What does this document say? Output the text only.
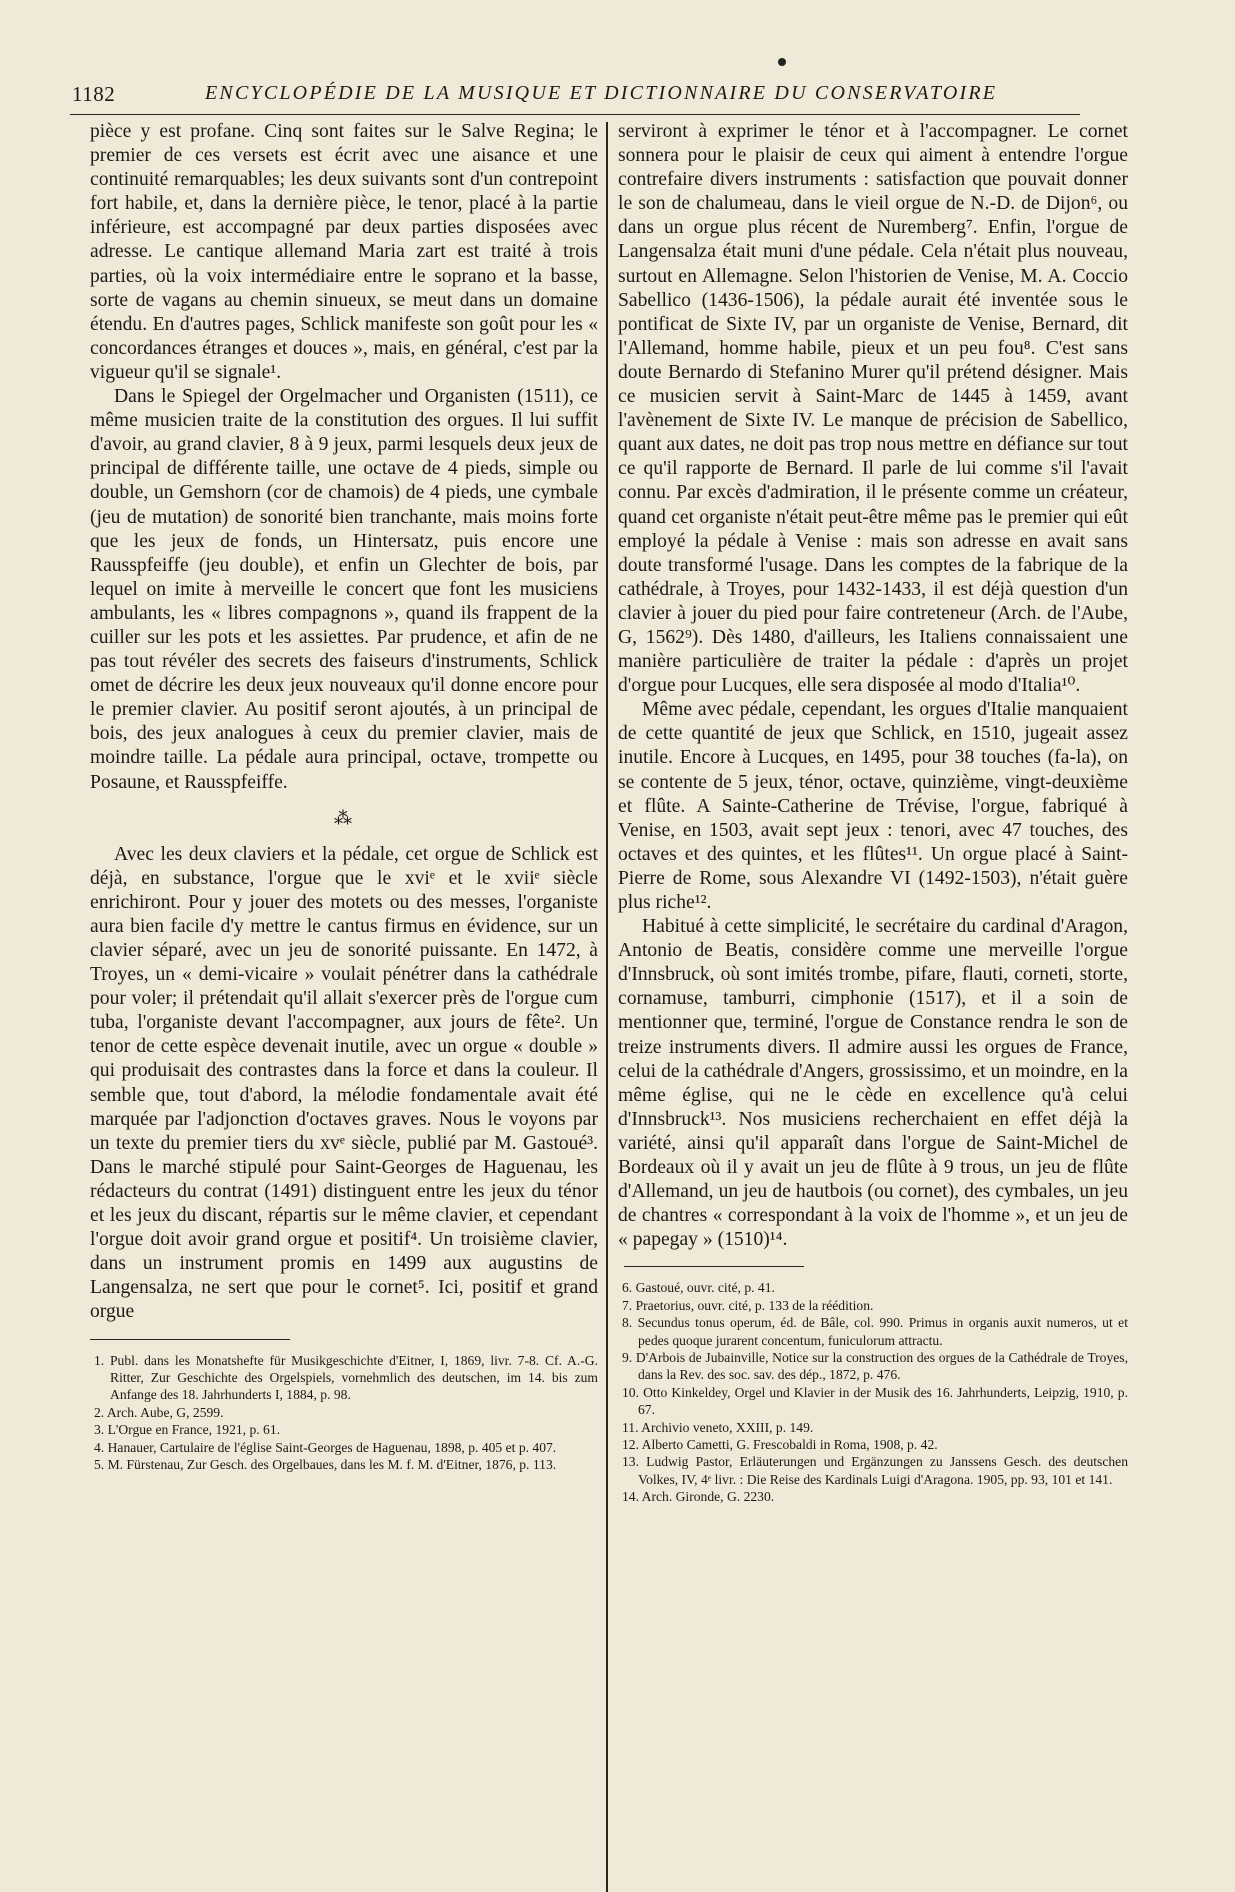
1182	ENCYCLOPÉDIE DE LA MUSIQUE ET DICTIONNAIRE DU CONSERVATOIRE

pièce y est profane. Cinq sont faites sur le Salve Regina; le premier de ces versets est écrit avec une aisance et une continuité remarquables; les deux suivants sont d'un contrepoint fort habile, et, dans la dernière pièce, le tenor, placé à la partie inférieure, est accompagné par deux parties disposées avec adresse. Le cantique allemand Maria zart est traité à trois parties, où la voix intermédiaire entre le soprano et la basse, sorte de vagans au chemin sinueux, se meut dans un domaine étendu. En d'autres pages, Schlick manifeste son goût pour les « concordances étranges et douces », mais, en général, c'est par la vigueur qu'il se signale¹.

Dans le Spiegel der Orgelmacher und Organisten (1511), ce même musicien traite de la constitution des orgues. Il lui suffit d'avoir, au grand clavier, 8 à 9 jeux, parmi lesquels deux jeux de principal de différente taille, une octave de 4 pieds, simple ou double, un Gemshorn (cor de chamois) de 4 pieds, une cymbale (jeu de mutation) de sonorité bien tranchante, mais moins forte que les jeux de fonds, un Hintersatz, puis encore une Rausspfeiffe (jeu double), et enfin un Glechter de bois, par lequel on imite à merveille le concert que font les musiciens ambulants, les « libres compagnons », quand ils frappent de la cuiller sur les pots et les assiettes. Par prudence, et afin de ne pas tout révéler des secrets des faiseurs d'instruments, Schlick omet de décrire les deux jeux nouveaux qu'il donne encore pour le premier clavier. Au positif seront ajoutés, à un principal de bois, des jeux analogues à ceux du premier clavier, mais de moindre taille. La pédale aura principal, octave, trompette ou Posaune, et Rausspfeiffe.

⁂

Avec les deux claviers et la pédale, cet orgue de Schlick est déjà, en substance, l'orgue que le xviᵉ et le xviiᵉ siècle enrichiront. Pour y jouer des motets ou des messes, l'organiste aura bien facile d'y mettre le cantus firmus en évidence, sur un clavier séparé, avec un jeu de sonorité puissante. En 1472, à Troyes, un « demi-vicaire » voulait pénétrer dans la cathédrale pour voler; il prétendait qu'il allait s'exercer près de l'orgue cum tuba, l'organiste devant l'accompagner, aux jours de fête². Un tenor de cette espèce devenait inutile, avec un orgue « double » qui produisait des contrastes dans la force et dans la couleur. Il semble que, tout d'abord, la mélodie fondamentale avait été marquée par l'adjonction d'octaves graves. Nous le voyons par un texte du premier tiers du xvᵉ siècle, publié par M. Gastoué³. Dans le marché stipulé pour Saint-Georges de Haguenau, les rédacteurs du contrat (1491) distinguent entre les jeux du ténor et les jeux du discant, répartis sur le même clavier, et cependant l'orgue doit avoir grand orgue et positif⁴. Un troisième clavier, dans un instrument promis en 1499 aux augustins de Langensalza, ne sert que pour le cornet⁵. Ici, positif et grand orgue

1. Publ. dans les Monatshefte für Musikgeschichte d'Eitner, I, 1869, livr. 7-8. Cf. A.-G. Ritter, Zur Geschichte des Orgelspiels, vornehmlich des deutschen, im 14. bis zum Anfange des 18. Jahrhunderts I, 1884, p. 98.

2. Arch. Aube, G, 2599.

3. L'Orgue en France, 1921, p. 61.

4. Hanauer, Cartulaire de l'église Saint-Georges de Haguenau, 1898, p. 405 et p. 407.

5. M. Fürstenau, Zur Gesch. des Orgelbaues, dans les M. f. M. d'Eitner, 1876, p. 113.

serviront à exprimer le ténor et à l'accompagner. Le cornet sonnera pour le plaisir de ceux qui aiment à entendre l'orgue contrefaire divers instruments : satisfaction que pouvait donner le son de chalumeau, dans le vieil orgue de N.-D. de Dijon⁶, ou dans un orgue plus récent de Nuremberg⁷. Enfin, l'orgue de Langensalza était muni d'une pédale. Cela n'était plus nouveau, surtout en Allemagne. Selon l'historien de Venise, M. A. Coccio Sabellico (1436-1506), la pédale aurait été inventée sous le pontificat de Sixte IV, par un organiste de Venise, Bernard, dit l'Allemand, homme habile, pieux et un peu fou⁸. C'est sans doute Bernardo di Stefanino Murer qu'il prétend désigner. Mais ce musicien servit à Saint-Marc de 1445 à 1459, avant l'avènement de Sixte IV. Le manque de précision de Sabellico, quant aux dates, ne doit pas trop nous mettre en défiance sur tout ce qu'il rapporte de Bernard. Il parle de lui comme s'il l'avait connu. Par excès d'admiration, il le présente comme un créateur, quand cet organiste n'était peut-être même pas le premier qui eût employé la pédale à Venise : mais son adresse en avait sans doute transformé l'usage. Dans les comptes de la fabrique de la cathédrale, à Troyes, pour 1432-1433, il est déjà question d'un clavier à jouer du pied pour faire contreteneur (Arch. de l'Aube, G, 1562⁹). Dès 1480, d'ailleurs, les Italiens connaissaient une manière particulière de traiter la pédale : d'après un projet d'orgue pour Lucques, elle sera disposée al modo d'Italia¹⁰.

Même avec pédale, cependant, les orgues d'Italie manquaient de cette quantité de jeux que Schlick, en 1510, jugeait assez inutile. Encore à Lucques, en 1495, pour 38 touches (fa-la), on se contente de 5 jeux, ténor, octave, quinzième, vingt-deuxième et flûte. A Sainte-Catherine de Trévise, l'orgue, fabriqué à Venise, en 1503, avait sept jeux : tenori, avec 47 touches, des octaves et des quintes, et les flûtes¹¹. Un orgue placé à Saint-Pierre de Rome, sous Alexandre VI (1492-1503), n'était guère plus riche¹².

Habitué à cette simplicité, le secrétaire du cardinal d'Aragon, Antonio de Beatis, considère comme une merveille l'orgue d'Innsbruck, où sont imités trombe, pifare, flauti, corneti, storte, cornamuse, tamburri, cimphonie (1517), et il a soin de mentionner que, terminé, l'orgue de Constance rendra le son de treize instruments divers. Il admire aussi les orgues de France, celui de la cathédrale d'Angers, grossissimo, et un moindre, en la même église, qui ne le cède en excellence qu'à celui d'Innsbruck¹³. Nos musiciens recherchaient en effet déjà la variété, ainsi qu'il apparaît dans l'orgue de Saint-Michel de Bordeaux où il y avait un jeu de flûte à 9 trous, un jeu de flûte d'Allemand, un jeu de hautbois (ou cornet), des cymbales, un jeu de chantres « correspondant à la voix de l'homme », et un jeu de « papegay » (1510)¹⁴.

6. Gastoué, ouvr. cité, p. 41.

7. Praetorius, ouvr. cité, p. 133 de la réédition.

8. Secundus tonus operum, éd. de Bâle, col. 990. Primus in organis auxit numeros, ut et pedes quoque jurarent concentum, funiculorum attractu.

9. D'Arbois de Jubainville, Notice sur la construction des orgues de la Cathédrale de Troyes, dans la Rev. des soc. sav. des dép., 1872, p. 476.

10. Otto Kinkeldey, Orgel und Klavier in der Musik des 16. Jahrhunderts, Leipzig, 1910, p. 67.

11. Archivio veneto, XXIII, p. 149.

12. Alberto Cametti, G. Frescobaldi in Roma, 1908, p. 42.

13. Ludwig Pastor, Erläuterungen und Ergänzungen zu Janssens Gesch. des deutschen Volkes, IV, 4ᵉ livr. : Die Reise des Kardinals Luigi d'Aragona. 1905, pp. 93, 101 et 141.

14. Arch. Gironde, G. 2230.
